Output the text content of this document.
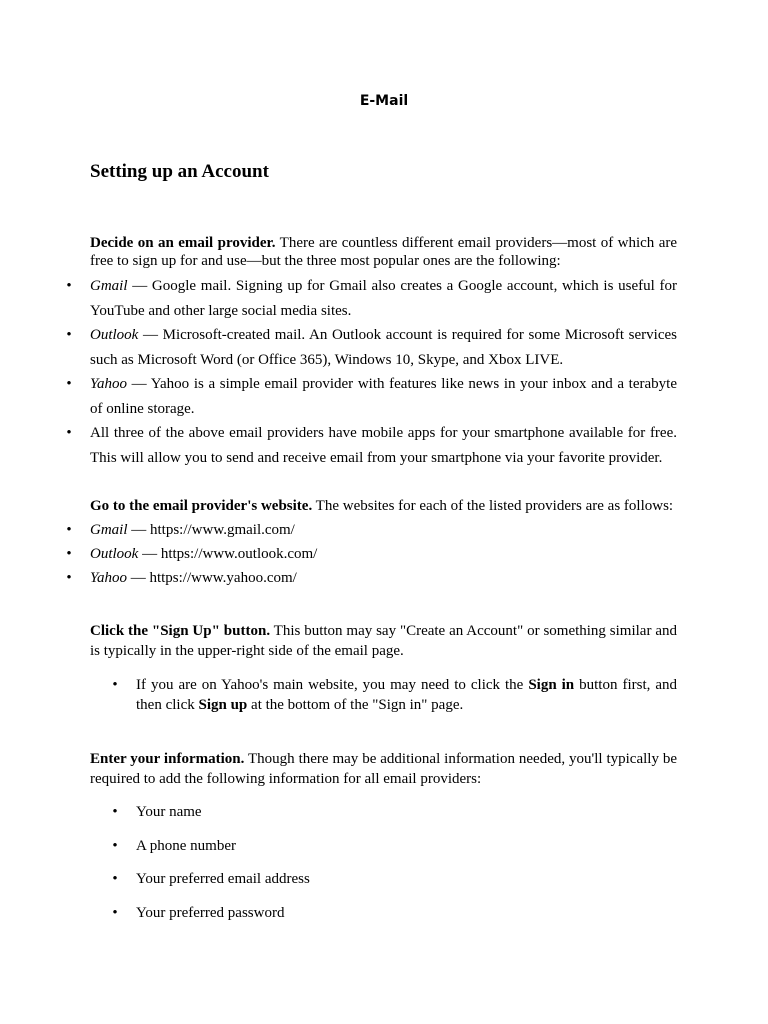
E-Mail
Setting up an Account

Decide on an email provider. There are countless different email providers—most of which are free to sign up for and use—but the three most popular ones are the following:

•	Gmail — Google mail. Signing up for Gmail also creates a Google account, which is useful for YouTube and other large social media sites.
•	Outlook — Microsoft-created mail. An Outlook account is required for some Microsoft services such as Microsoft Word (or Office 365), Windows 10, Skype, and Xbox LIVE.
•	Yahoo — Yahoo is a simple email provider with features like news in your inbox and a terabyte of online storage.
•	All three of the above email providers have mobile apps for your smartphone available for free. This will allow you to send and receive email from your smartphone via your favorite provider.

Go to the email provider's website. The websites for each of the listed providers are as follows:

•	Gmail — https://www.gmail.com/
•	Outlook — https://www.outlook.com/
•	Yahoo — https://www.yahoo.com/

Click the "Sign Up" button. This button may say "Create an Account" or something similar and is typically in the upper-right side of the email page.

•	If you are on Yahoo's main website, you may need to click the Sign in button first, and then click Sign up at the bottom of the "Sign in" page.

Enter your information. Though there may be additional information needed, you'll typically be required to add the following information for all email providers:

•	Your name
•	A phone number
•	Your preferred email address
•	Your preferred password
